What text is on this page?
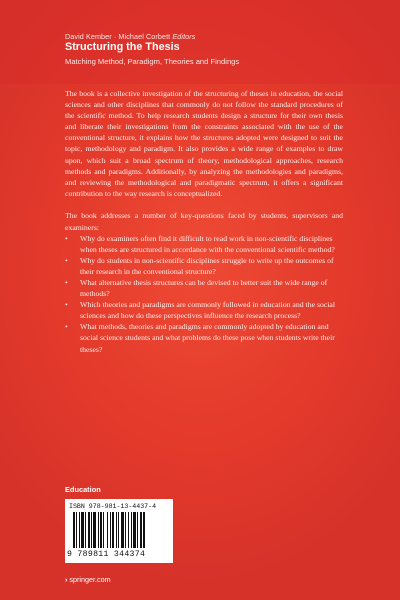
David Kember · Michael Corbett Editors
Structuring the Thesis
Matching Method, Paradigm, Theories and Findings

The book is a collective investigation of the structuring of theses in education, the social sciences and other disciplines that commonly do not follow the standard procedures of the scientific method. To help research students design a structure for their own thesis and liberate their investigations from the constraints associated with the use of the conventional structure, it explains how the structures adopted were designed to suit the topic, methodology and paradigm. It also provides a wide range of examples to draw upon, which suit a broad spectrum of theory, methodological approaches, research methods and paradigms. Additionally, by analyzing the methodologies and paradigms, and reviewing the methodological and paradigmatic spectrum, it offers a significant contribution to the way research is conceptualized.

The book addresses a number of key-questions faced by students, supervisors and examiners:

• Why do examiners often find it difficult to read work in non-scientific disciplines when theses are structured in accordance with the conventional scientific method?
• Why do students in non-scientific disciplines struggle to write up the outcomes of their research in the conventional structure?
• What alternative thesis structures can be devised to better suit the wide range of methods?
• Which theories and paradigms are commonly followed in education and the social sciences and how do these perspectives influence the research process?
• What methods, theories and paradigms are commonly adopted by education and social science students and what problems do these pose when students write their theses?
Education
ISBN 978-981-13-4437-4
9 789811 344374
› springer.com
